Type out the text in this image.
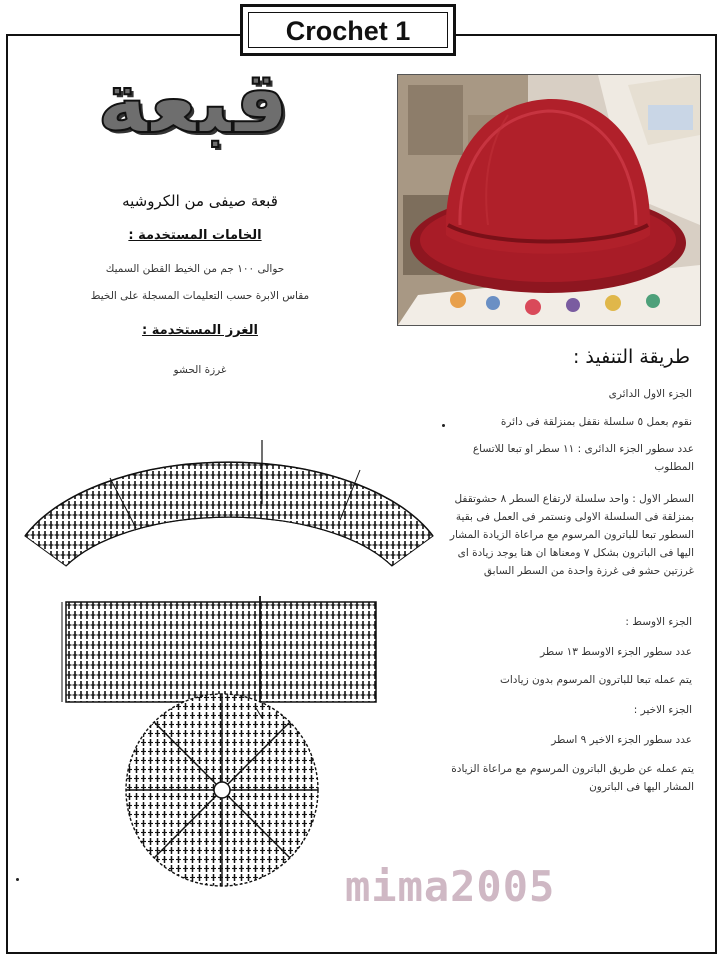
Crochet 1
قبعة
قبعة صيفى من الكروشيه
الخامات المستخدمة :
حوالى ١٠٠ جم من الخيط القطن السميك
مقاس الابرة حسب التعليمات المسجلة على الخيط
الغرز المستخدمة :
غرزة الحشو
طريقة التنفيذ :
الجزء الاول الدائرى
نقوم بعمل ٥ سلسلة نقفل بمنزلقة فى دائرة
عدد سطور الجزء الدائرى : ١١ سطر او تبعا للاتساع المطلوب
السطر الاول : واحد سلسلة لارتفاع السطر ٨ حشوتقفل بمنزلقة فى السلسلة الاولى ونستمر فى العمل فى بقية السطور تبعا للباترون المرسوم مع مراعاة الزيادة المشار اليها فى الباترون بشكل ٧ ومعناها ان هنا يوجد زيادة اى غرزتين حشو فى غرزة واحدة من السطر السابق
الجزء الاوسط :
عدد سطور الجزء الاوسط ١٣ سطر
يتم عمله تبعا للباترون المرسوم بدون زيادات
الجزء الاخير :
عدد سطور الجزء الاخير ٩ اسطر
يتم عمله عن طريق الباترون المرسوم مع مراعاة الزيادة المشار اليها فى الباترون
mima2005
